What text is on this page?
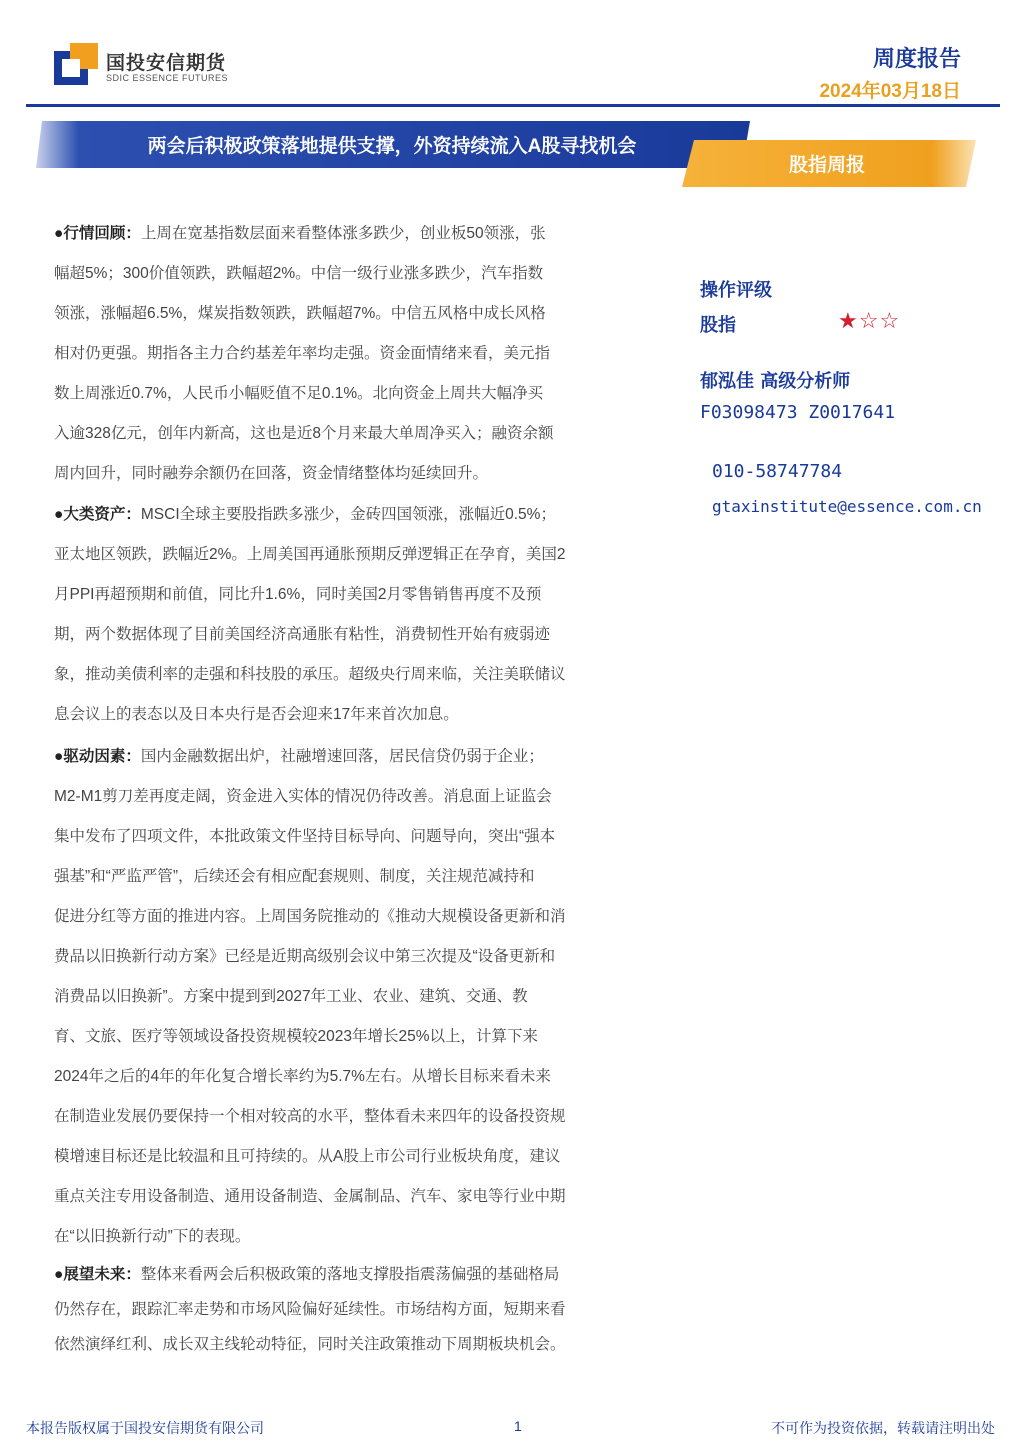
国投安信期货
SDIC ESSENCE FUTURES
周度报告
2024年03月18日
两会后积极政策落地提供支撑，外资持续流入A股寻找机会
股指周报

●行情回顾：上周在宽基指数层面来看整体涨多跌少，创业板50领涨，张
幅超5%；300价值领跌，跌幅超2%。中信一级行业涨多跌少，汽车指数
领涨，涨幅超6.5%，煤炭指数领跌，跌幅超7%。中信五风格中成长风格
相对仍更强。期指各主力合约基差年率均走强。资金面情绪来看，美元指
数上周涨近0.7%，人民币小幅贬值不足0.1%。北向资金上周共大幅净买
入逾328亿元，创年内新高，这也是近8个月来最大单周净买入；融资余额
周内回升，同时融券余额仍在回落，资金情绪整体均延续回升。

●大类资产：MSCI全球主要股指跌多涨少，金砖四国领涨，涨幅近0.5%；
亚太地区领跌，跌幅近2%。上周美国再通胀预期反弹逻辑正在孕育，美国2
月PPI再超预期和前值，同比升1.6%，同时美国2月零售销售再度不及预
期，两个数据体现了目前美国经济高通胀有粘性，消费韧性开始有疲弱迹
象，推动美债利率的走强和科技股的承压。超级央行周来临，关注美联储议
息会议上的表态以及日本央行是否会迎来17年来首次加息。

●驱动因素：国内金融数据出炉，社融增速回落，居民信贷仍弱于企业；
M2-M1剪刀差再度走阔，资金进入实体的情况仍待改善。消息面上证监会
集中发布了四项文件，本批政策文件坚持目标导向、问题导向，突出“强本
强基”和“严监严管”，后续还会有相应配套规则、制度，关注规范减持和
促进分红等方面的推进内容。上周国务院推动的《推动大规模设备更新和消
费品以旧换新行动方案》已经是近期高级别会议中第三次提及“设备更新和
消费品以旧换新”。方案中提到到2027年工业、农业、建筑、交通、教
育、文旅、医疗等领域设备投资规模较2023年增长25%以上，计算下来
2024年之后的4年的年化复合增长率约为5.7%左右。从增长目标来看未来
在制造业发展仍要保持一个相对较高的水平，整体看未来四年的设备投资规
模增速目标还是比较温和且可持续的。从A股上市公司行业板块角度，建议
重点关注专用设备制造、通用设备制造、金属制品、汽车、家电等行业中期
在“以旧换新行动”下的表现。

●展望未来：整体来看两会后积极政策的落地支撑股指震荡偏强的基础格局
仍然存在，跟踪汇率走势和市场风险偏好延续性。市场结构方面，短期来看
依然演绎红利、成长双主线轮动特征，同时关注政策推动下周期板块机会。

操作评级
股指	★☆☆
郁泓佳 高级分析师
F03098473 Z0017641
010-58747784
gtaxinstitute@essence.com.cn
本报告版权属于国投安信期货有限公司	1	不可作为投资依据，转载请注明出处
